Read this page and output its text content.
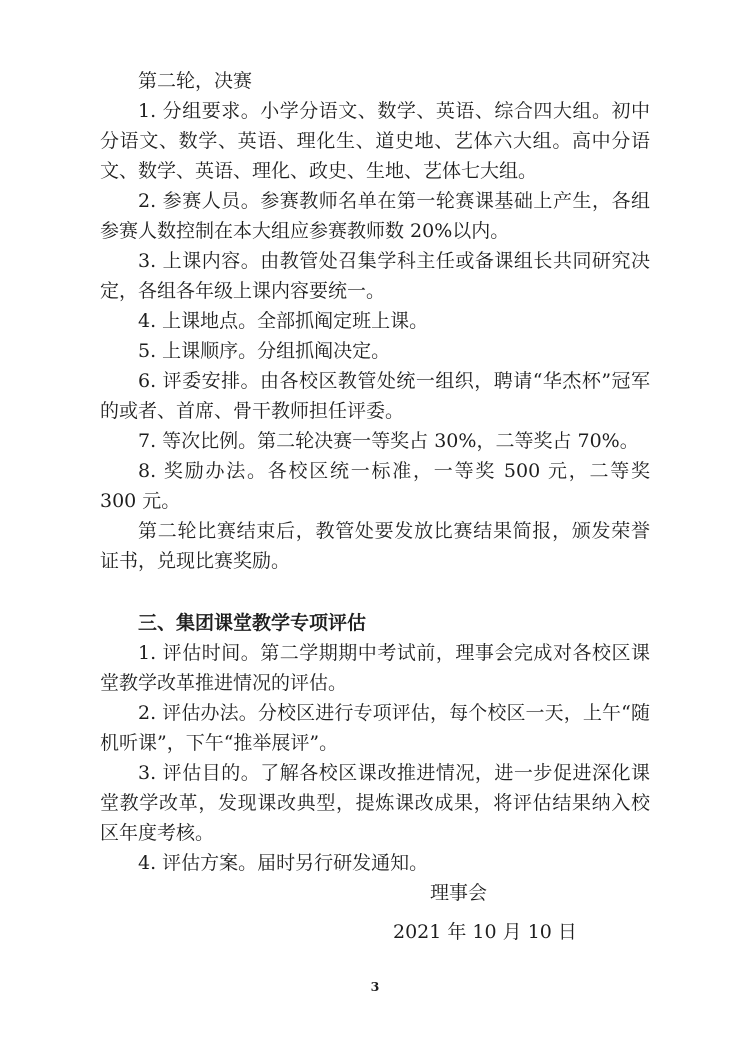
第二轮，决赛

1. 分组要求。小学分语文、数学、英语、综合四大组。初中分语文、数学、英语、理化生、道史地、艺体六大组。高中分语文、数学、英语、理化、政史、生地、艺体七大组。

2. 参赛人员。参赛教师名单在第一轮赛课基础上产生，各组参赛人数控制在本大组应参赛教师数 20%以内。

3. 上课内容。由教管处召集学科主任或备课组长共同研究决定，各组各年级上课内容要统一。

4. 上课地点。全部抓阄定班上课。

5. 上课顺序。分组抓阄决定。

6. 评委安排。由各校区教管处统一组织，聘请“华杰杯”冠军的或者、首席、骨干教师担任评委。

7. 等次比例。第二轮决赛一等奖占 30%，二等奖占 70%。

8. 奖励办法。各校区统一标准，一等奖 500 元，二等奖 300 元。

第二轮比赛结束后，教管处要发放比赛结果简报，颁发荣誉证书，兑现比赛奖励。

三、集团课堂教学专项评估

1. 评估时间。第二学期期中考试前，理事会完成对各校区课堂教学改革推进情况的评估。

2. 评估办法。分校区进行专项评估，每个校区一天，上午“随机听课”，下午“推举展评”。

3. 评估目的。了解各校区课改推进情况，进一步促进深化课堂教学改革，发现课改典型，提炼课改成果，将评估结果纳入校区年度考核。

4. 评估方案。届时另行研发通知。

理事会

2021 年 10 月 10 日

3
